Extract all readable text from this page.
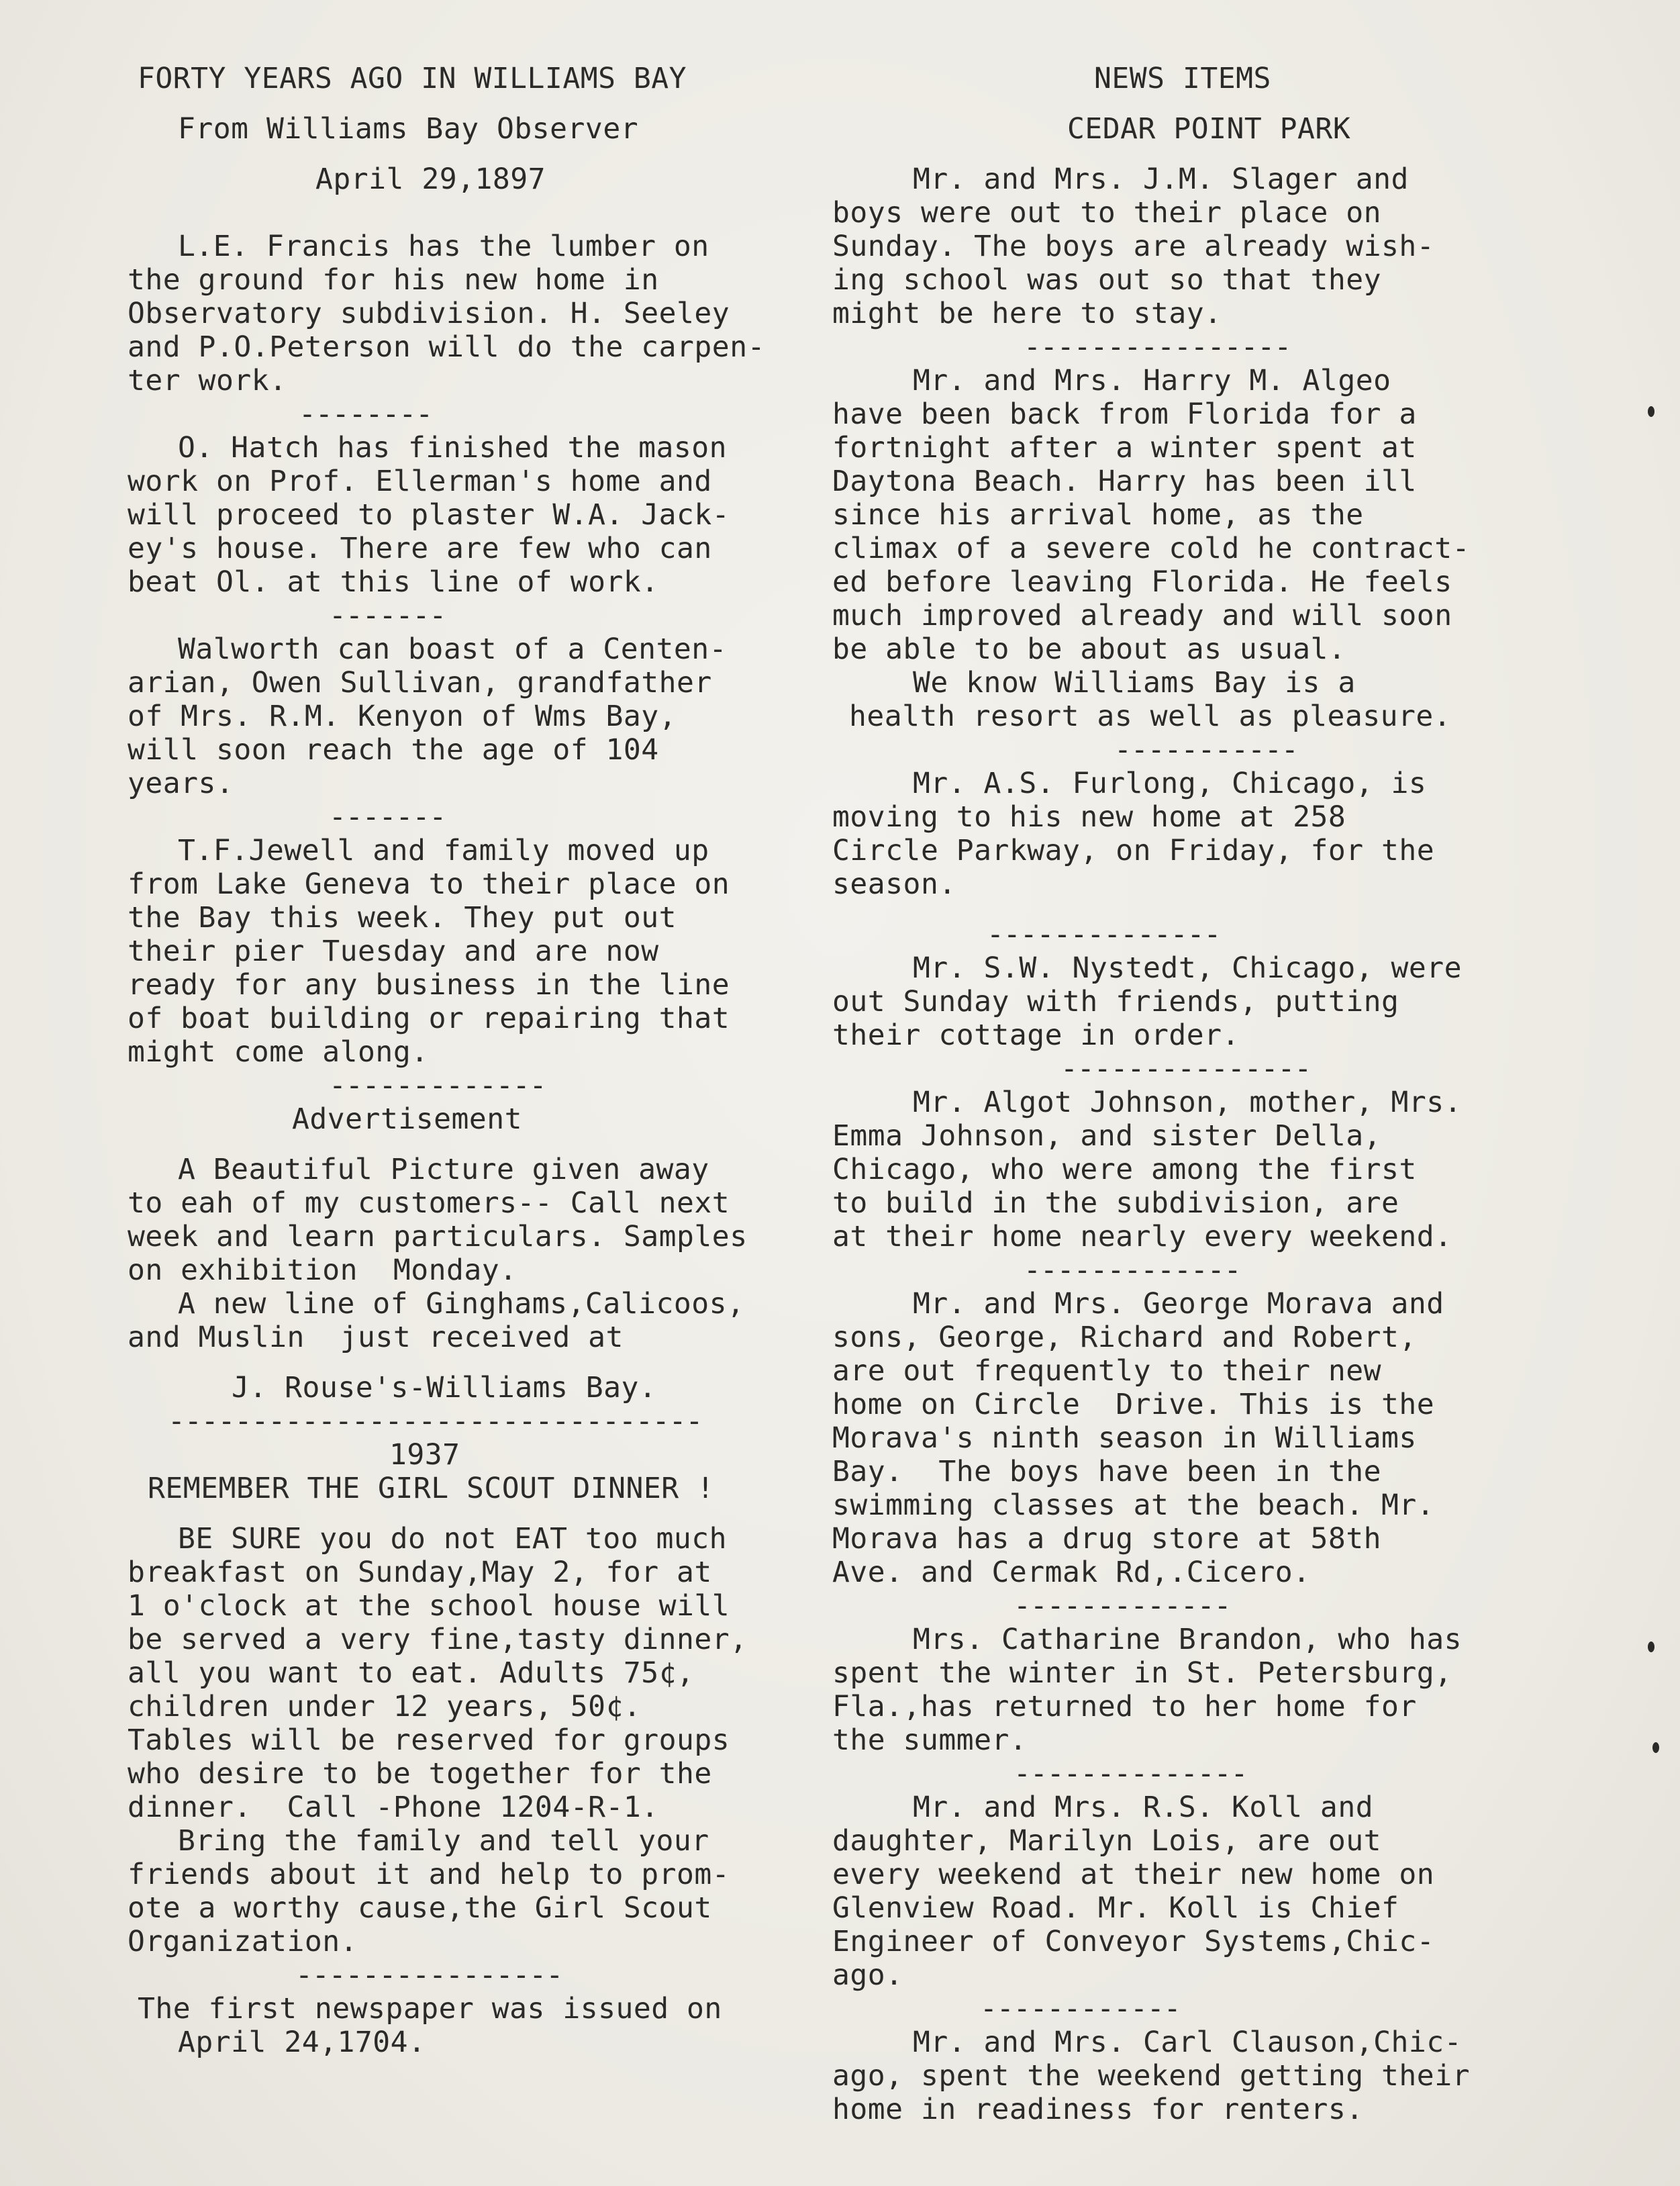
FORTY YEARS AGO IN WILLIAMS BAY
From Williams Bay Observer
April 29,1897
L.E. Francis has the lumber on
the ground for his new home in
Observatory subdivision. H. Seeley
and P.O.Peterson will do the carpen-
ter work.
--------
O. Hatch has finished the mason
work on Prof. Ellerman's home and
will proceed to plaster W.A. Jack-
ey's house. There are few who can
beat Ol. at this line of work.
-------
Walworth can boast of a Centen-
arian, Owen Sullivan, grandfather
of Mrs. R.M. Kenyon of Wms Bay,
will soon reach the age of 104
years.
-------
T.F.Jewell and family moved up
from Lake Geneva to their place on
the Bay this week. They put out
their pier Tuesday and are now
ready for any business in the line
of boat building or repairing that
might come along.
-------------
Advertisement
A Beautiful Picture given away
to eah of my customers-- Call next
week and learn particulars. Samples
on exhibition  Monday.
A new line of Ginghams,Calicoos,
and Muslin  just received at
J. Rouse's-Williams Bay.
--------------------------------
1937
REMEMBER THE GIRL SCOUT DINNER !
BE SURE you do not EAT too much
breakfast on Sunday,May 2, for at
1 o'clock at the school house will
be served a very fine,tasty dinner,
all you want to eat. Adults 75¢,
children under 12 years, 50¢.
Tables will be reserved for groups
who desire to be together for the
dinner.  Call -Phone 1204-R-1.
Bring the family and tell your
friends about it and help to prom-
ote a worthy cause,the Girl Scout
Organization.
----------------
The first newspaper was issued on
April 24,1704.
NEWS ITEMS
CEDAR POINT PARK
Mr. and Mrs. J.M. Slager and
boys were out to their place on
Sunday. The boys are already wish-
ing school was out so that they
might be here to stay.
----------------
Mr. and Mrs. Harry M. Algeo
have been back from Florida for a
fortnight after a winter spent at
Daytona Beach. Harry has been ill
since his arrival home, as the
climax of a severe cold he contract-
ed before leaving Florida. He feels
much improved already and will soon
be able to be about as usual.
We know Williams Bay is a
health resort as well as pleasure.
-----------
Mr. A.S. Furlong, Chicago, is
moving to his new home at 258
Circle Parkway, on Friday, for the
season.
--------------
Mr. S.W. Nystedt, Chicago, were
out Sunday with friends, putting
their cottage in order.
---------------
Mr. Algot Johnson, mother, Mrs.
Emma Johnson, and sister Della,
Chicago, who were among the first
to build in the subdivision, are
at their home nearly every weekend.
-------------
Mr. and Mrs. George Morava and
sons, George, Richard and Robert,
are out frequently to their new
home on Circle  Drive. This is the
Morava's ninth season in Williams
Bay.  The boys have been in the
swimming classes at the beach. Mr.
Morava has a drug store at 58th
Ave. and Cermak Rd,.Cicero.
-------------
Mrs. Catharine Brandon, who has
spent the winter in St. Petersburg,
Fla.,has returned to her home for
the summer.
--------------
Mr. and Mrs. R.S. Koll and
daughter, Marilyn Lois, are out
every weekend at their new home on
Glenview Road. Mr. Koll is Chief
Engineer of Conveyor Systems,Chic-
ago.
------------
Mr. and Mrs. Carl Clauson,Chic-
ago, spent the weekend getting their
home in readiness for renters.
